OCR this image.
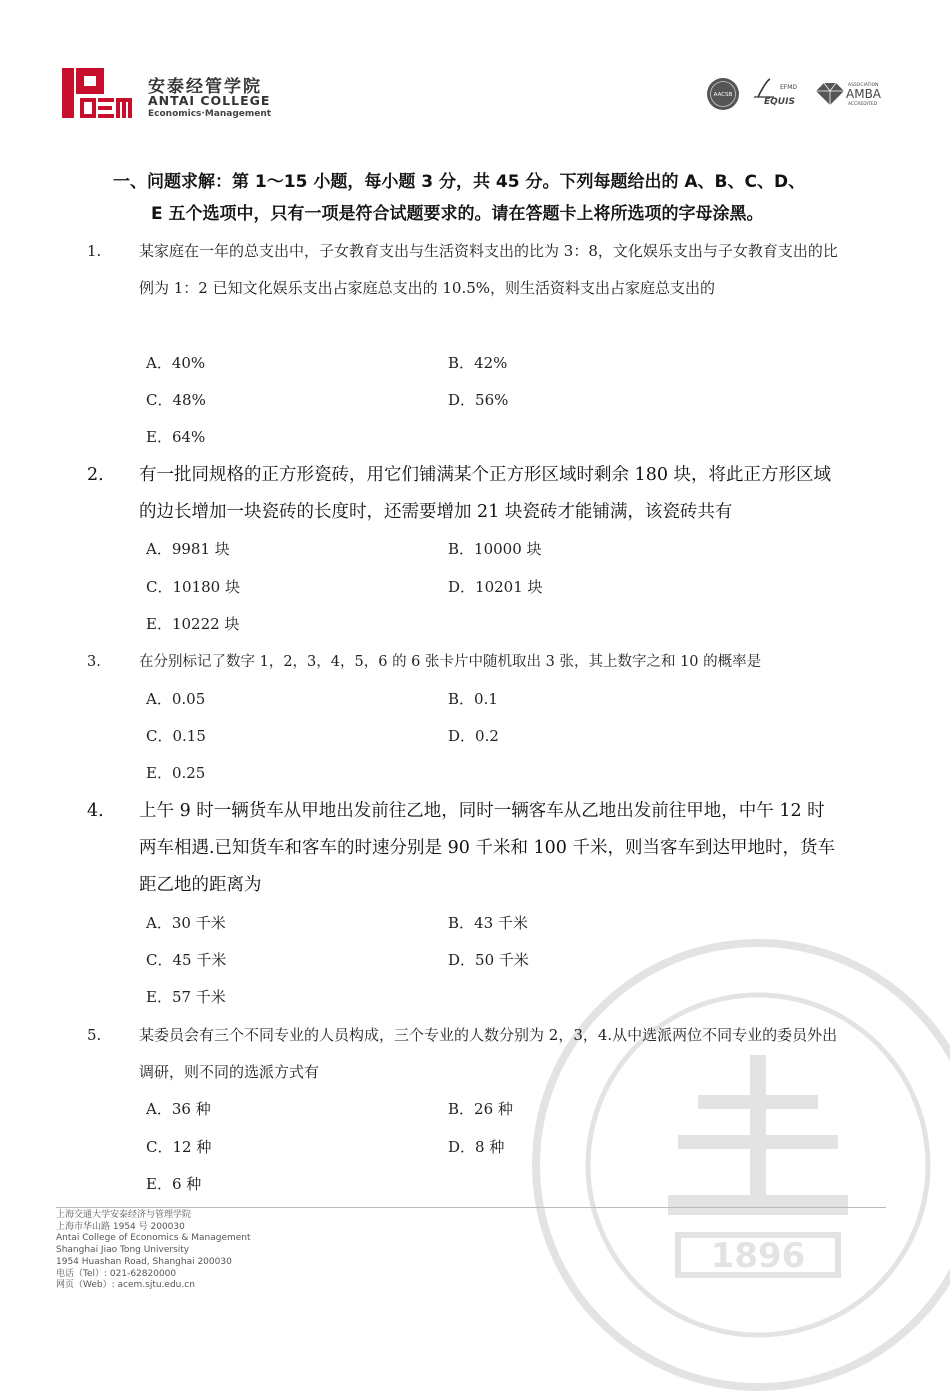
安泰经管学院
ANTAI COLLEGE
Economics·Management
AACSB
EFMD
EQUIS
ASSOCIATION
AMBA
ACCREDITED
1896
一、问题求解：第 1～15 小题，每小题 3 分，共 45 分。下列每题给出的 A、B、C、D、
E 五个选项中，只有一项是符合试题要求的。请在答题卡上将所选项的字母涂黑。
1.	某家庭在一年的总支出中，子女教育支出与生活资料支出的比为 3：8，文化娱乐支出与子女教育支出的比例为 1：2 已知文化娱乐支出占家庭总支出的 10.5%，则生活资料支出占家庭总支出的
A．40%	B．42%
C．48%	D．56%
E．64%
2. 有一批同规格的正方形瓷砖，用它们铺满某个正方形区域时剩余 180 块，将此正方形区域的边长增加一块瓷砖的长度时，还需要增加 21 块瓷砖才能铺满，该瓷砖共有
A．9981 块	B．10000 块
C．10180 块	D．10201 块
E．10222 块
3.	在分别标记了数字 1，2，3，4，5，6 的 6 张卡片中随机取出 3 张，其上数字之和 10 的概率是
A．0.05	B．0.1
C．0.15	D．0.2
E．0.25
4. 上午 9 时一辆货车从甲地出发前往乙地，同时一辆客车从乙地出发前往甲地，中午 12 时两车相遇.已知货车和客车的时速分别是 90 千米和 100 千米，则当客车到达甲地时，货车距乙地的距离为
A．30 千米	B．43 千米
C．45 千米	D．50 千米
E．57 千米
5.	某委员会有三个不同专业的人员构成，三个专业的人数分别为 2，3，4.从中选派两位不同专业的委员外出调研，则不同的选派方式有
A．36 种	B．26 种
C．12 种	D．8 种
E．6 种
上海交通大学安泰经济与管理学院
上海市华山路 1954 号 200030
Antai College of Economics & Management
Shanghai Jiao Tong University
1954 Huashan Road, Shanghai 200030
电话（Tel）: 021-62820000
网页（Web）: acem.sjtu.edu.cn
